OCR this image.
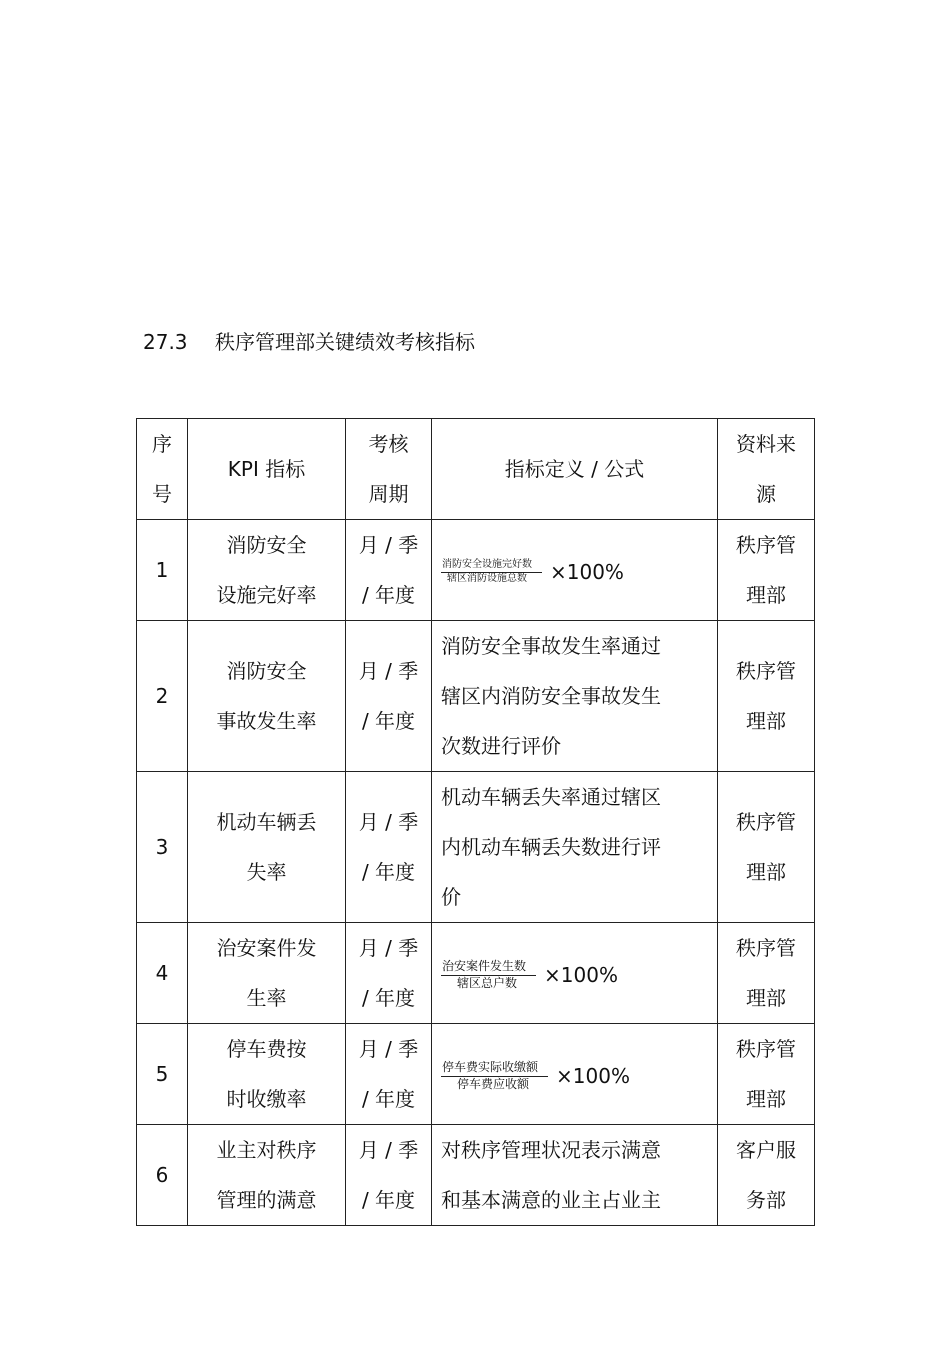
27.3 秩序管理部关键绩效考核指标
序
号	KPI 指标	考核
周期	指标定义 / 公式	资料来
源

1	消防安全
设施完好率	月 / 季
/ 年度	消防安全设施完好数
辖区消防设施总数 ×100%	秩序管
理部

2	消防安全
事故发生率	月 / 季
/ 年度	消防安全事故发生率通过
辖区内消防安全事故发生
次数进行评价	秩序管
理部

3	机动车辆丢
失率	月 / 季
/ 年度	机动车辆丢失率通过辖区
内机动车辆丢失数进行评
价	秩序管
理部

4	治安案件发
生率	月 / 季
/ 年度	治安案件发生数
辖区总户数 ×100%	秩序管
理部

5	停车费按
时收缴率	月 / 季
/ 年度	停车费实际收缴额
停车费应收额 ×100%	秩序管
理部

6	业主对秩序
管理的满意	月 / 季
/ 年度	对秩序管理状况表示满意
和基本满意的业主占业主	客户服
务部
